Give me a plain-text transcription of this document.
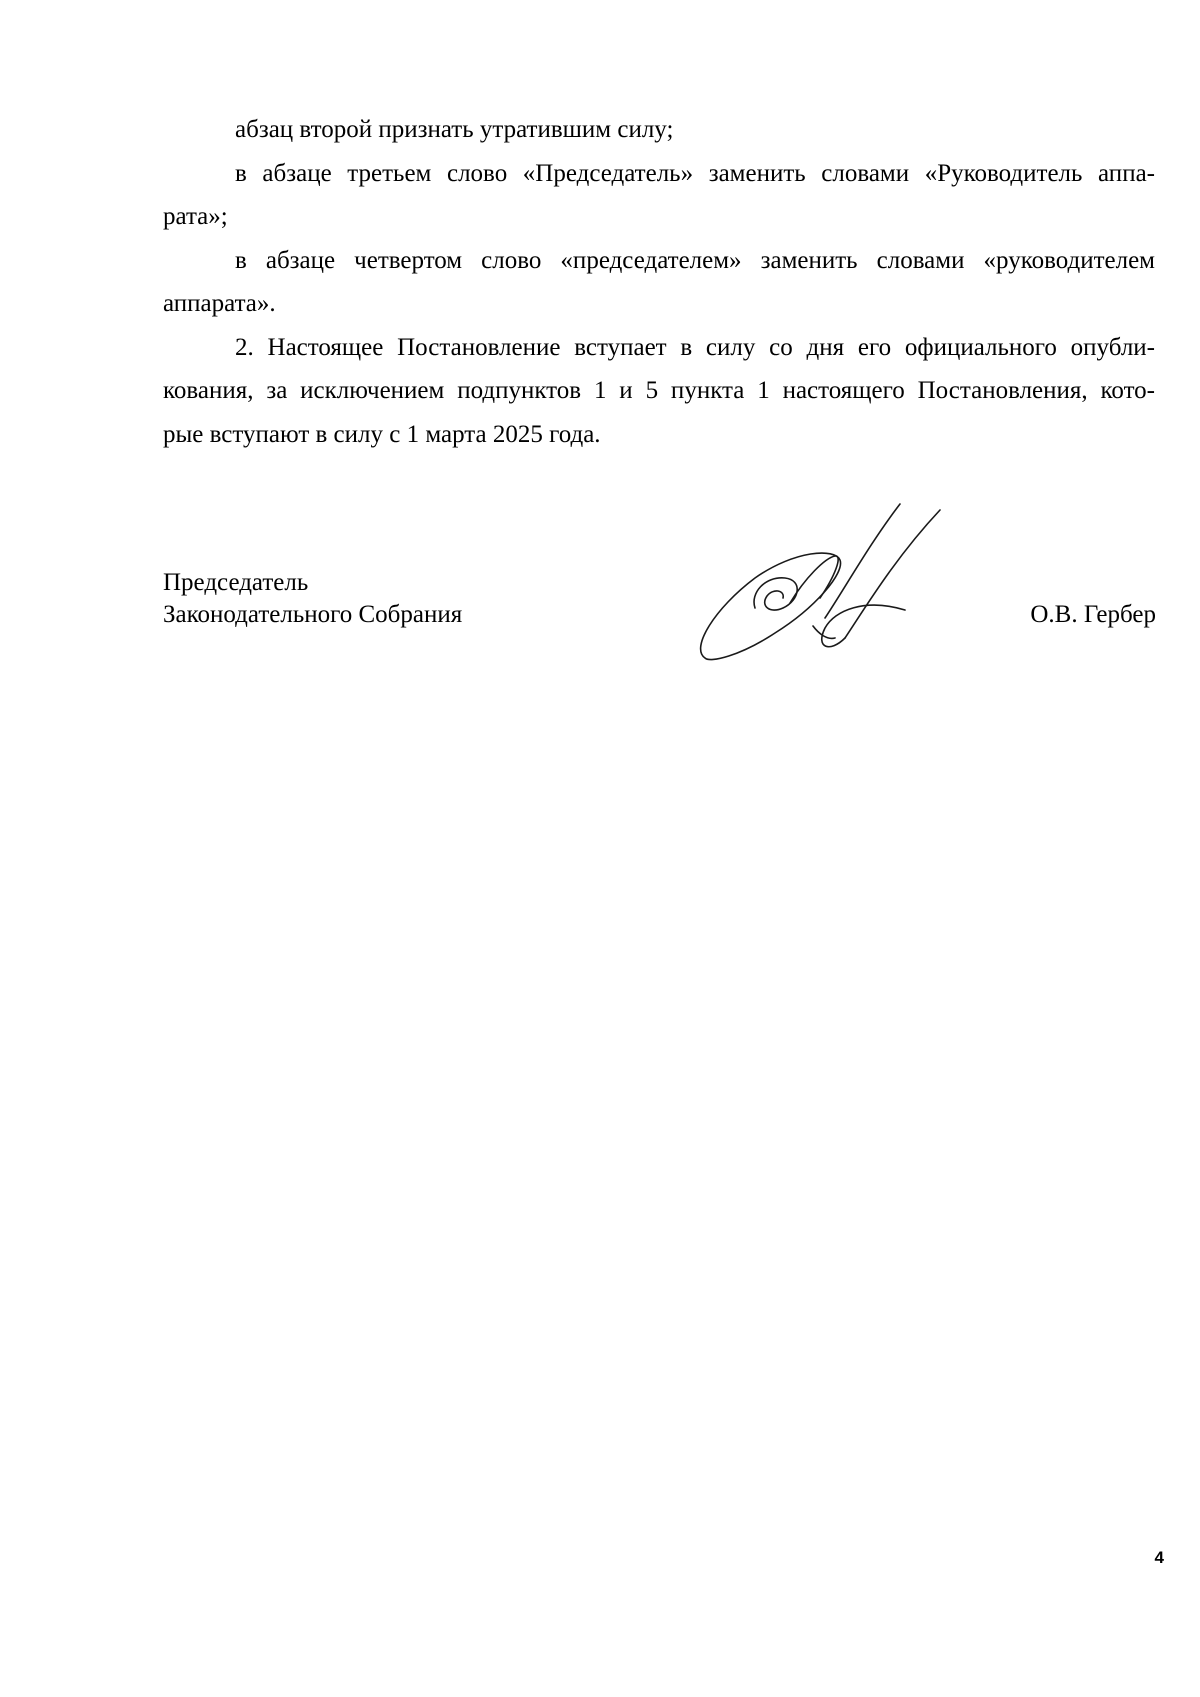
абзац второй признать утратившим силу;

в абзаце третьем слово «Председатель» заменить словами «Руководитель аппа-
рата»;

в абзаце четвертом слово «председателем» заменить словами «руководителем
аппарата».

2. Настоящее Постановление вступает в силу со дня его официального опубли-
кования, за исключением подпунктов 1 и 5 пункта 1 настоящего Постановления, кото-
рые вступают в силу с 1 марта 2025 года.

Председатель
Законодательного Собрания	О.В. Гербер
4
